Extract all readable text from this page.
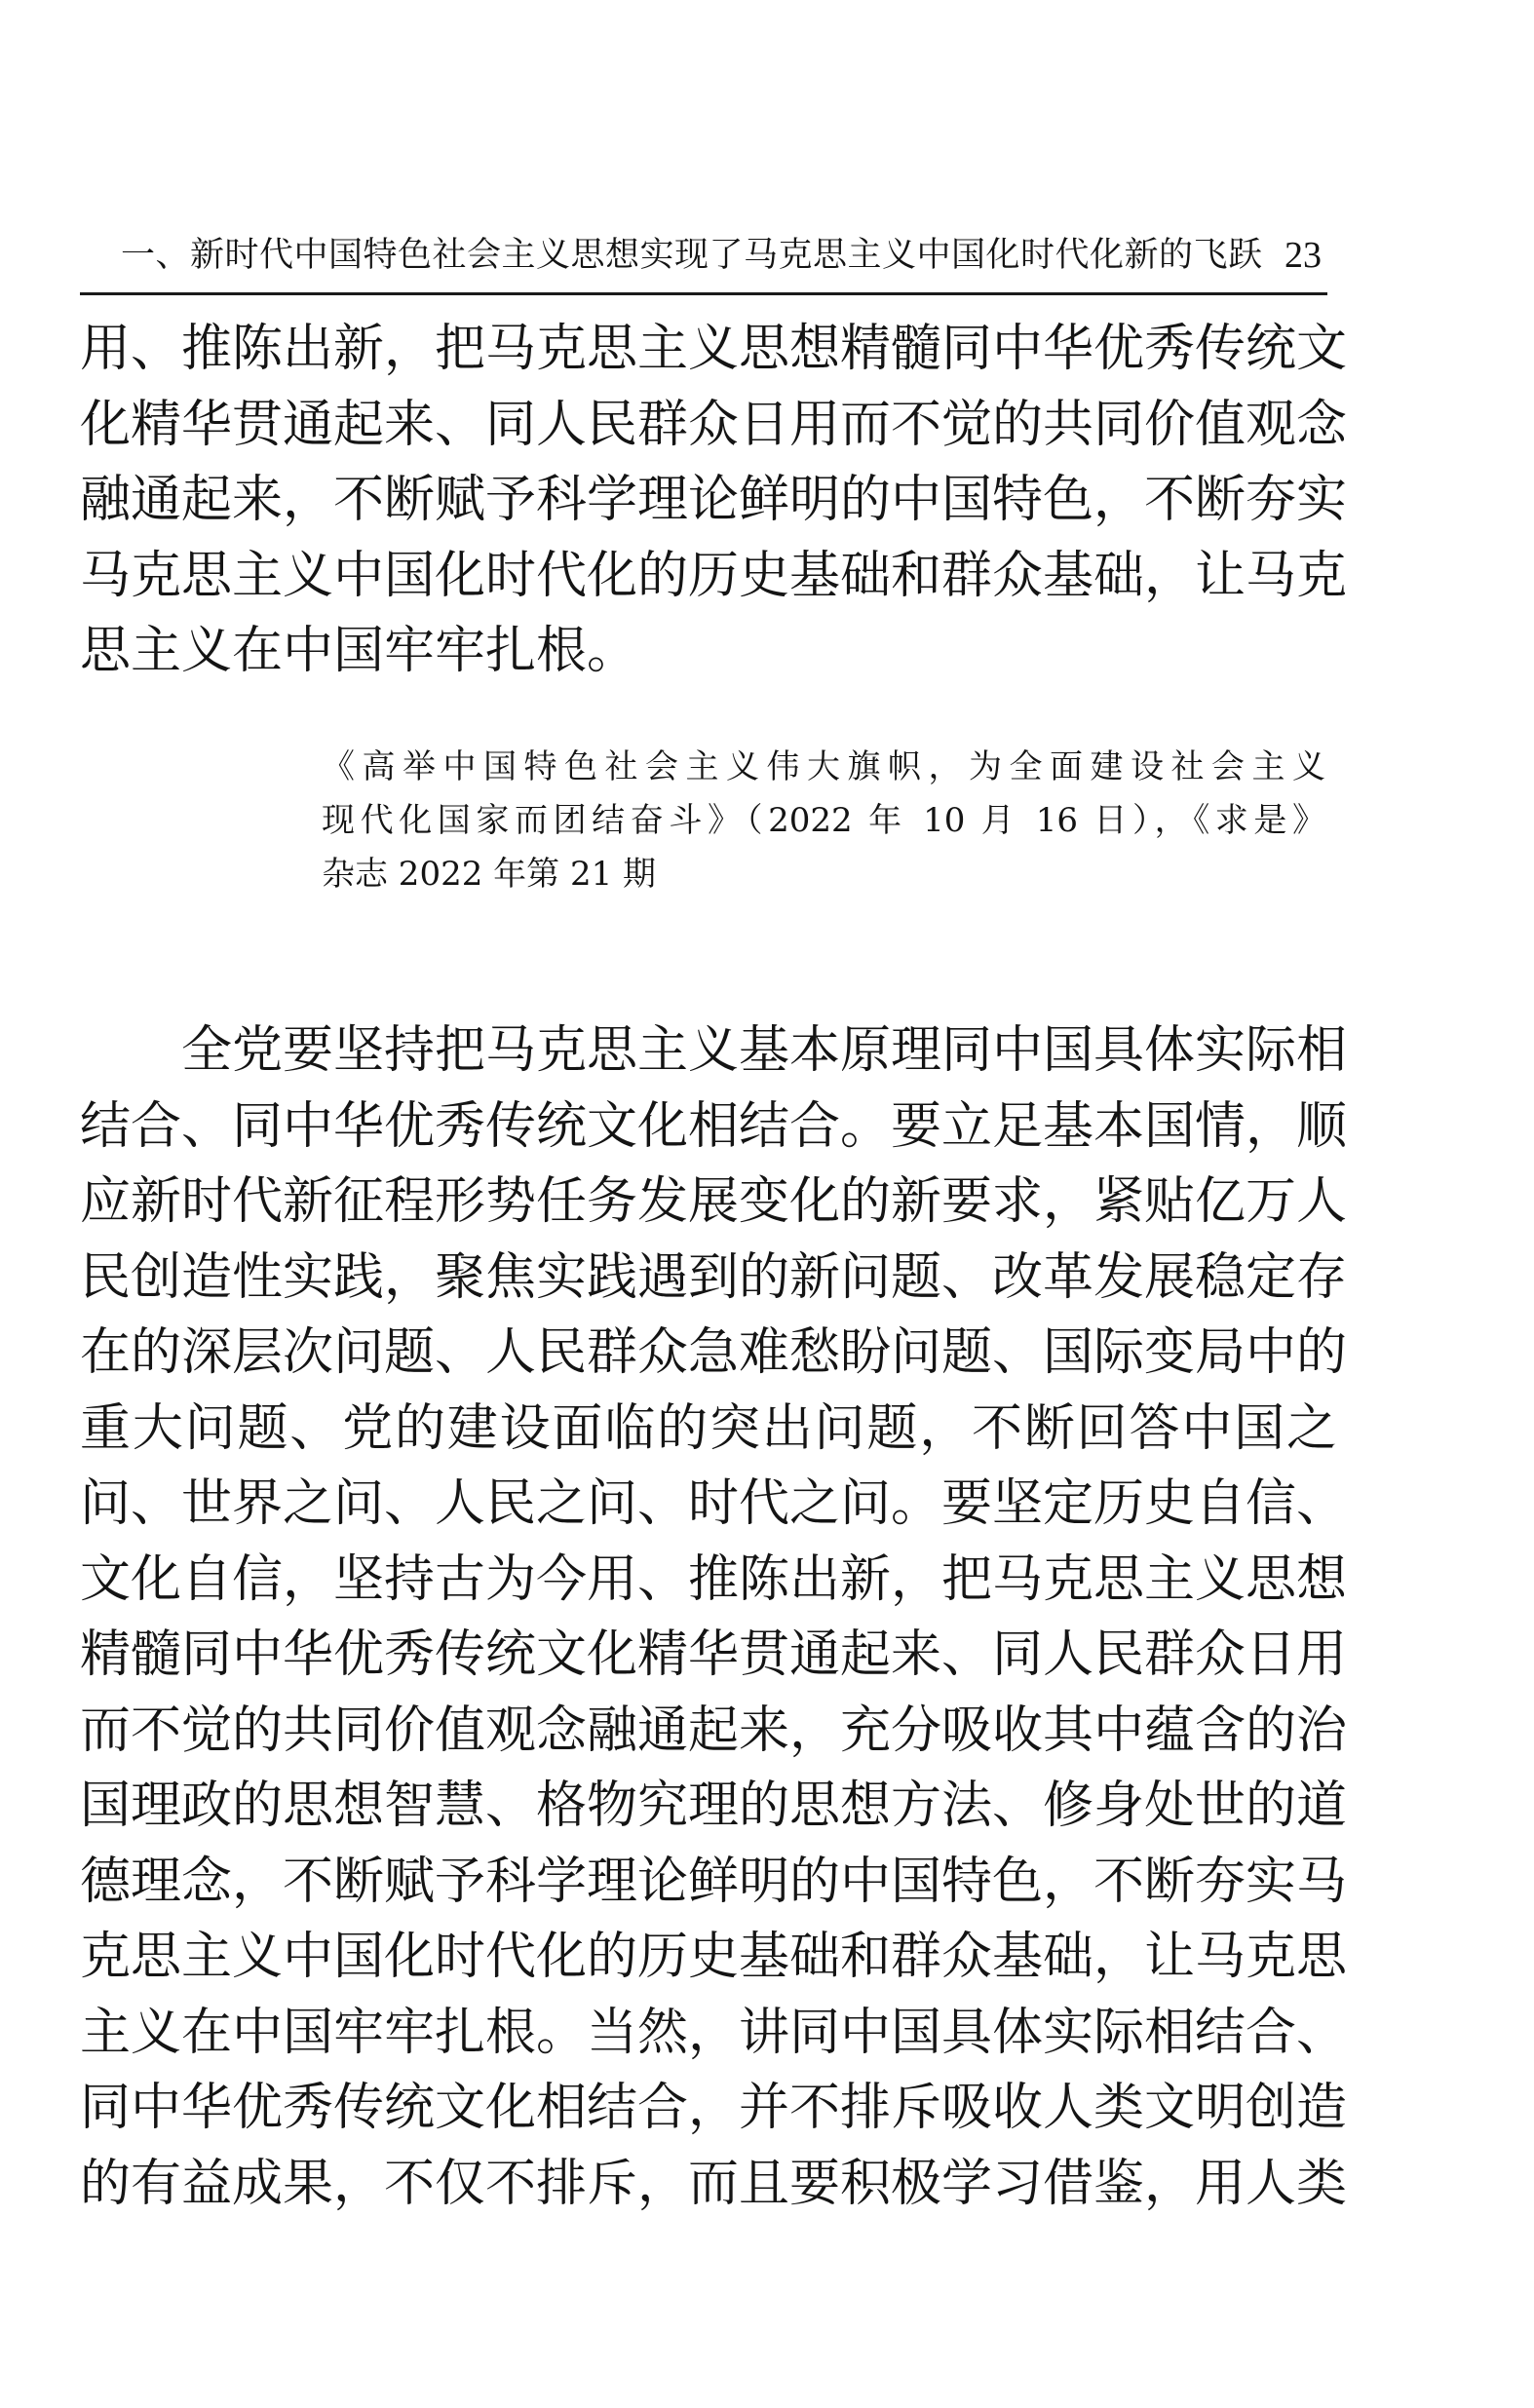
一、新时代中国特色社会主义思想实现了马克思主义中国化时代化新的飞跃 23
用、推陈出新，把马克思主义思想精髓同中华优秀传统文
化精华贯通起来、同人民群众日用而不觉的共同价值观念
融通起来，不断赋予科学理论鲜明的中国特色，不断夯实
马克思主义中国化时代化的历史基础和群众基础，让马克
思主义在中国牢牢扎根。
《高举中国特色社会主义伟大旗帜，为全面建设社会主义
现代化国家而团结奋斗》（2022 年 10 月 16 日），《求是》
杂志 2022 年第 21 期
全党要坚持把马克思主义基本原理同中国具体实际相
结合、同中华优秀传统文化相结合。要立足基本国情，顺
应新时代新征程形势任务发展变化的新要求，紧贴亿万人
民创造性实践，聚焦实践遇到的新问题、改革发展稳定存
在的深层次问题、人民群众急难愁盼问题、国际变局中的
重大问题、党的建设面临的突出问题，不断回答中国之
问、世界之问、人民之问、时代之问。要坚定历史自信、
文化自信，坚持古为今用、推陈出新，把马克思主义思想
精髓同中华优秀传统文化精华贯通起来、同人民群众日用
而不觉的共同价值观念融通起来，充分吸收其中蕴含的治
国理政的思想智慧、格物究理的思想方法、修身处世的道
德理念，不断赋予科学理论鲜明的中国特色，不断夯实马
克思主义中国化时代化的历史基础和群众基础，让马克思
主义在中国牢牢扎根。当然，讲同中国具体实际相结合、
同中华优秀传统文化相结合，并不排斥吸收人类文明创造
的有益成果，不仅不排斥，而且要积极学习借鉴，用人类
